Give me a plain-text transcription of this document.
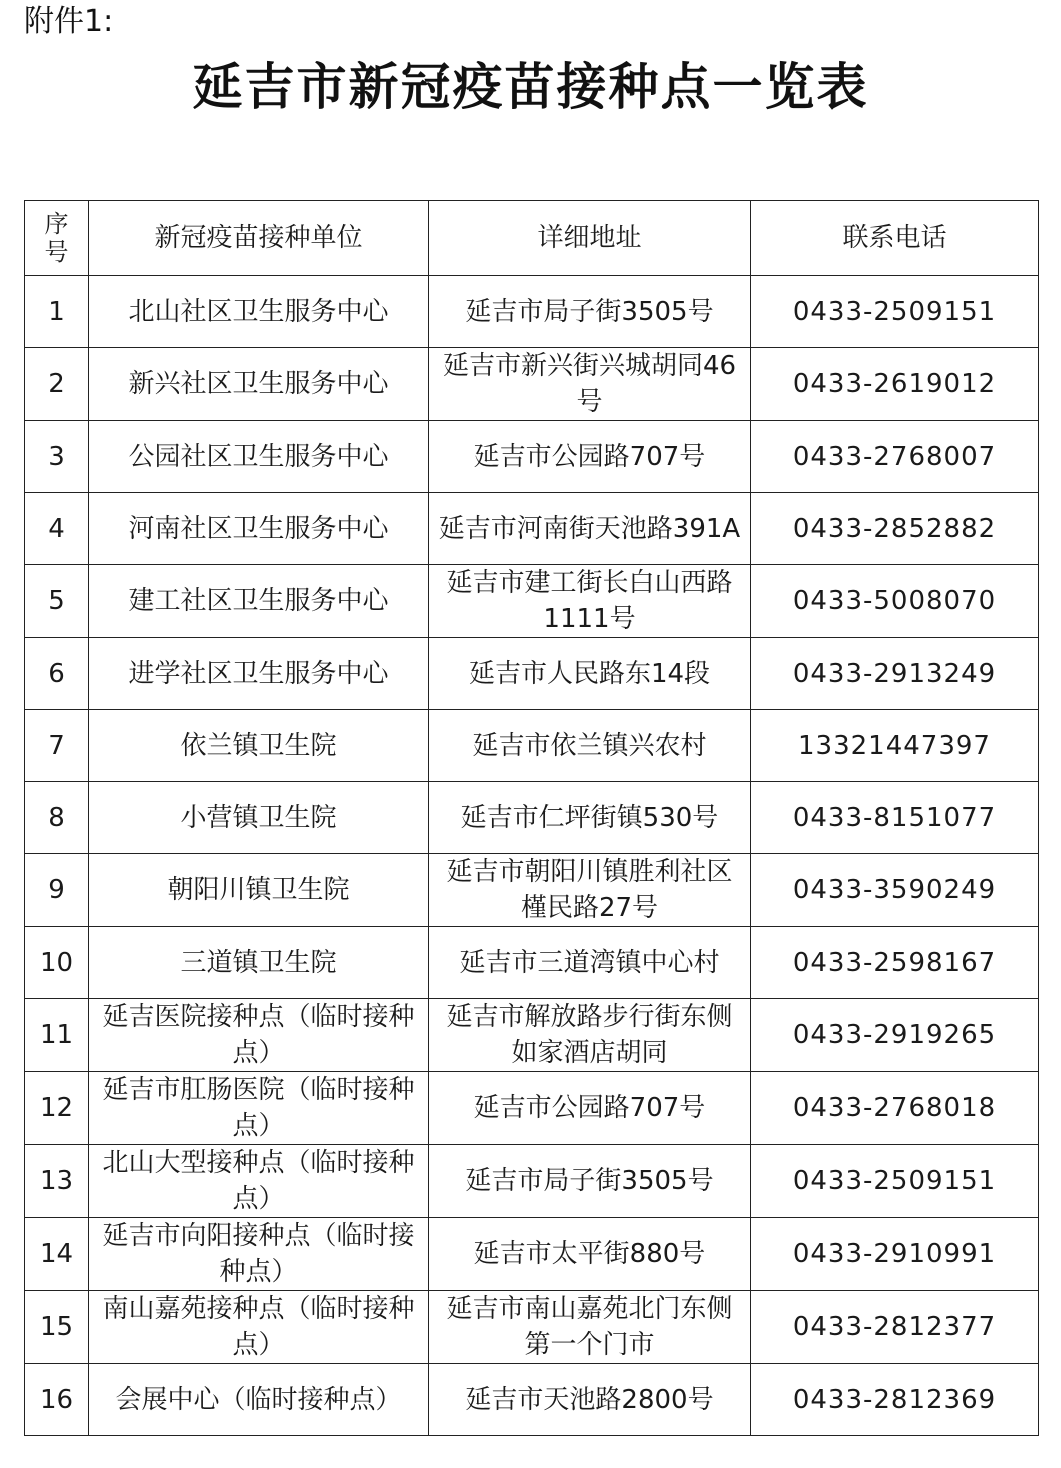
附件1:
延吉市新冠疫苗接种点一览表
序号	新冠疫苗接种单位	详细地址	联系电话
1	北山社区卫生服务中心	延吉市局子街3505号	0433-2509151
2	新兴社区卫生服务中心	延吉市新兴街兴城胡同46号	0433-2619012
3	公园社区卫生服务中心	延吉市公园路707号	0433-2768007
4	河南社区卫生服务中心	延吉市河南街天池路391A	0433-2852882
5	建工社区卫生服务中心	延吉市建工街长白山西路1111号	0433-5008070
6	进学社区卫生服务中心	延吉市人民路东14段	0433-2913249
7	依兰镇卫生院	延吉市依兰镇兴农村	13321447397
8	小营镇卫生院	延吉市仁坪街镇530号	0433-8151077
9	朝阳川镇卫生院	延吉市朝阳川镇胜利社区槿民路27号	0433-3590249
10	三道镇卫生院	延吉市三道湾镇中心村	0433-2598167
11	延吉医院接种点（临时接种点）	延吉市解放路步行街东侧如家酒店胡同	0433-2919265
12	延吉市肛肠医院（临时接种点）	延吉市公园路707号	0433-2768018
13	北山大型接种点（临时接种点）	延吉市局子街3505号	0433-2509151
14	延吉市向阳接种点（临时接种点）	延吉市太平街880号	0433-2910991
15	南山嘉苑接种点（临时接种点）	延吉市南山嘉苑北门东侧第一个门市	0433-2812377
16	会展中心（临时接种点）	延吉市天池路2800号	0433-2812369
